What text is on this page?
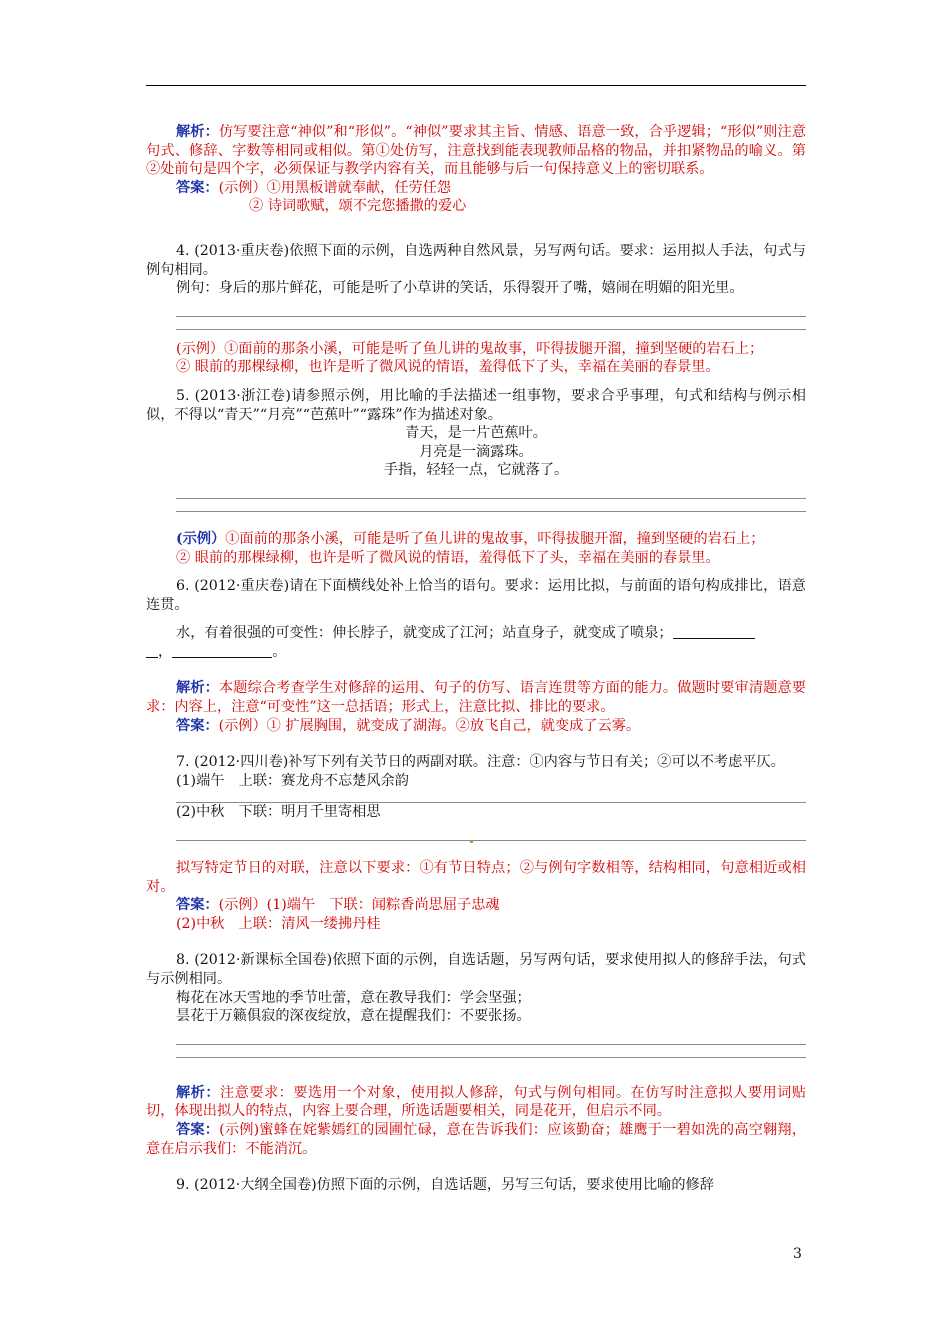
解析：仿写要注意“神似”和“形似”。“神似”要求其主旨、情感、语意一致，合乎逻辑；“形似”则注意句式、修辞、字数等相同或相似。第①处仿写，注意找到能表现教师品格的物品，并扣紧物品的喻义。第②处前句是四个字，必须保证与教学内容有关，而且能够与后一句保持意义上的密切联系。

答案：(示例）①用黑板谱就奉献，任劳任怨

② 诗词歌赋，颂不完您播撒的爱心

4. (2013·重庆卷)依照下面的示例，自选两种自然风景，另写两句话。要求：运用拟人手法，句式与例句相同。

例句：身后的那片鲜花，可能是听了小草讲的笑话，乐得裂开了嘴，嬉闹在明媚的阳光里。

(示例）①面前的那条小溪，可能是听了鱼儿讲的鬼故事，吓得拔腿开溜，撞到坚硬的岩石上；

② 眼前的那棵绿柳，也许是听了微风说的情语，羞得低下了头，幸福在美丽的春景里。

5. (2013·浙江卷)请参照示例，用比喻的手法描述一组事物，要求合乎事理，句式和结构与例示相似，不得以“青天”“月亮”“芭蕉叶”“露珠”作为描述对象。

青天，是一片芭蕉叶。

月亮是一滴露珠。

手指，轻轻一点，它就落了。

(示例）①面前的那条小溪，可能是听了鱼儿讲的鬼故事，吓得拔腿开溜，撞到坚硬的岩石上；

② 眼前的那棵绿柳，也许是听了微风说的情语，羞得低下了头，幸福在美丽的春景里。

6. (2012·重庆卷)请在下面横线处补上恰当的语句。要求：运用比拟，与前面的语句构成排比，语意连贯。

水，有着很强的可变性：伸长脖子，就变成了江河；站直身子，就变成了喷泉；

，	。

解析：本题综合考查学生对修辞的运用、句子的仿写、语言连贯等方面的能力。做题时要审清题意要求：内容上，注意“可变性”这一总括语；形式上，注意比拟、排比的要求。

答案：(示例）① 扩展胸围，就变成了湖海。②放飞自己，就变成了云雾。

7. (2012·四川卷)补写下列有关节日的两副对联。注意：①内容与节日有关；②可以不考虑平仄。

(1)端午　上联：赛龙舟不忘楚风余韵

(2)中秋　下联：明月千里寄相思

拟写特定节日的对联，注意以下要求：①有节日特点；②与例句字数相等，结构相同，句意相近或相对。

答案：(示例）(1)端午　下联：闻粽香尚思屈子忠魂

(2)中秋　上联：清风一缕拂丹桂

8. (2012·新课标全国卷)依照下面的示例，自选话题，另写两句话，要求使用拟人的修辞手法，句式与示例相同。

梅花在冰天雪地的季节吐蕾，意在教导我们：学会坚强；

昙花于万籁俱寂的深夜绽放，意在提醒我们：不要张扬。

解析：注意要求：要选用一个对象，使用拟人修辞，句式与例句相同。在仿写时注意拟人要用词贴切，体现出拟人的特点，内容上要合理，所选话题要相关，同是花开，但启示不同。

答案：(示例)蜜蜂在姹紫嫣红的园圃忙碌，意在告诉我们：应该勤奋；雄鹰于一碧如洗的高空翱翔，意在启示我们：不能消沉。

9. (2012·大纲全国卷)仿照下面的示例，自选话题，另写三句话，要求使用比喻的修辞

3
